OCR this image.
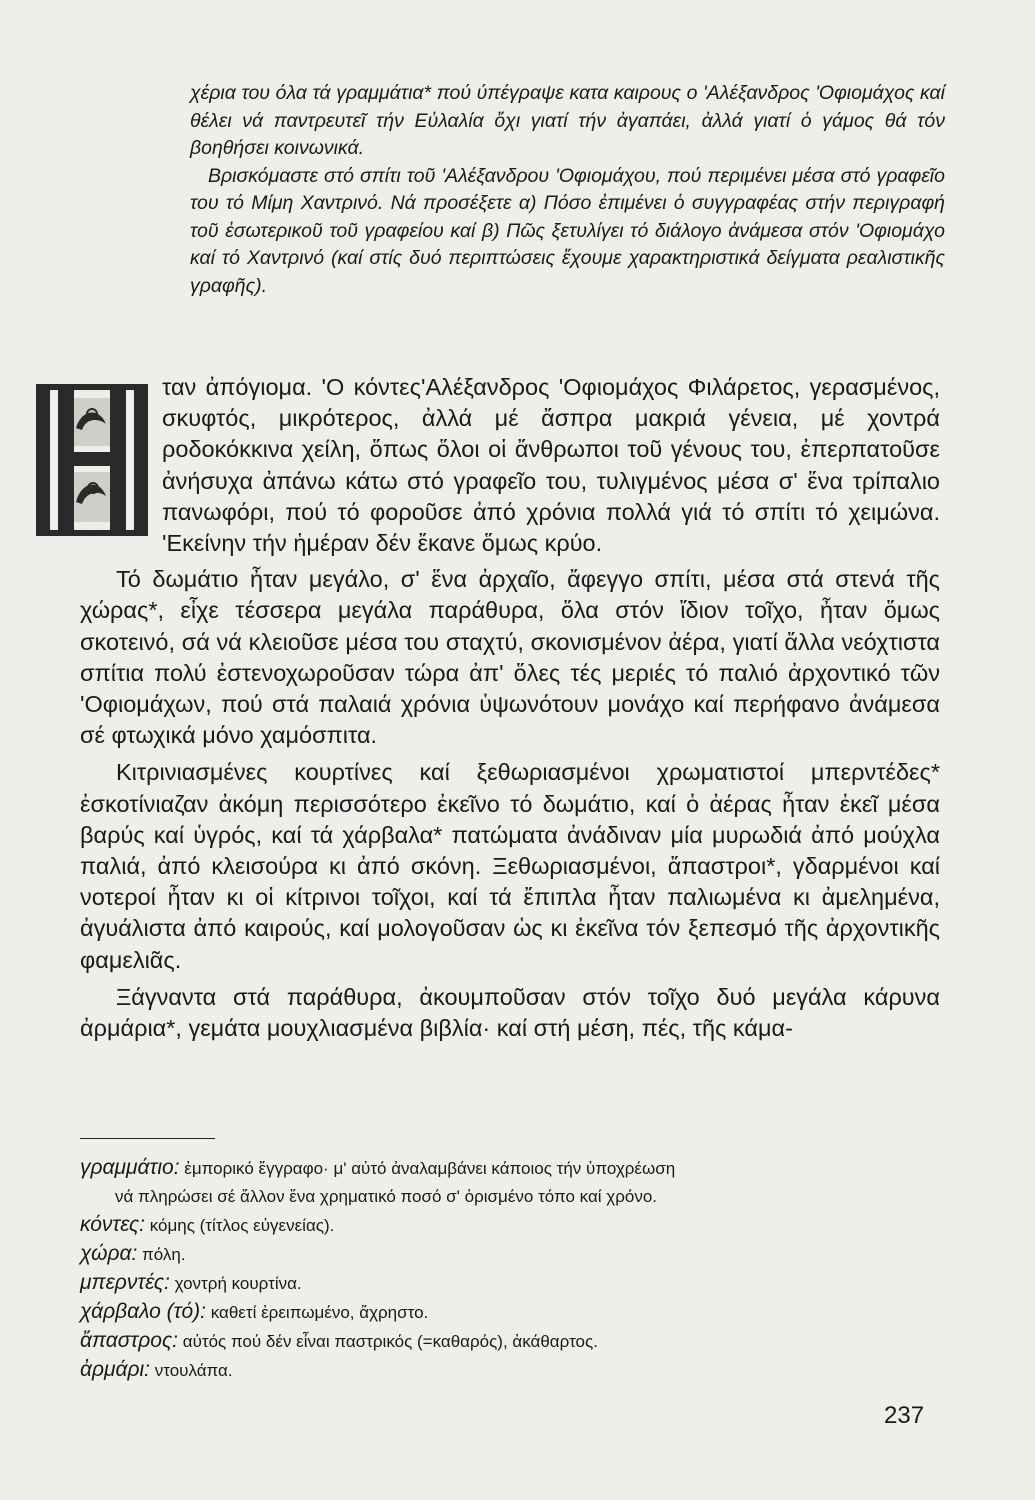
χέρια του όλα τά γραμμάτια* πού ύπέγραψε κατα καιρους ο 'Αλέξανδρος 'Οφιομάχος καί θέλει νά παντρευτεῖ τήν Εὐλαλία ὄχι γιατί τήν ἀγαπάει, ἀλλά γιατί ὁ γάμος θά τόν βοηθήσει κοινωνικά.

Βρισκόμαστε στό σπίτι τοῦ 'Αλέξανδρου 'Οφιομάχου, πού περιμένει μέσα στό γραφεῖο του τό Μίμη Χαντρινό. Νά προσέξετε α) Πόσο ἐπιμένει ὁ συγγραφέας στήν περιγραφή τοῦ ἐσωτερικοῦ τοῦ γραφείου καί β) Πῶς ξετυλίγει τό διάλογο ἀνάμεσα στόν 'Οφιομάχο καί τό Χαντρινό (καί στίς δυό περιπτώσεις ἔχουμε χαρακτηριστικά δείγματα ρεαλιστικῆς γραφῆς).

Η
ταν ἀπόγιομα. 'Ο κόντες'Αλέξανδρος 'Οφιομάχος Φιλάρετος, γερασμένος, σκυφτός, μικρότερος, ἀλλά μέ ἄσπρα μακριά γένεια, μέ χοντρά ροδοκόκκινα χείλη, ὅπως ὅλοι οἱ ἄνθρωποι τοῦ γένους του, ἐπερπατοῦσε ἀνήσυχα ἀπάνω κάτω στό γραφεῖο του, τυλιγμένος μέσα σ' ἕνα τρίπαλιο πανωφόρι, πού τό φοροῦσε ἀπό χρόνια πολλά γιά τό σπίτι τό χειμώνα. 'Εκείνην τήν ἡμέραν δέν ἔκανε ὅμως κρύο.

Τό δωμάτιο ἦταν μεγάλο, σ' ἕνα ἀρχαῖο, ἄφεγγο σπίτι, μέσα στά στενά τῆς χώρας*, εἶχε τέσσερα μεγάλα παράθυρα, ὅλα στόν ἴδιον τοῖχο, ἦταν ὅμως σκοτεινό, σά νά κλειοῦσε μέσα του σταχτύ, σκονισμένον ἀέρα, γιατί ἄλλα νεόχτιστα σπίτια πολύ ἐστενοχωροῦσαν τώρα ἀπ' ὅλες τές μεριές τό παλιό ἀρχοντικό τῶν 'Οφιομάχων, πού στά παλαιά χρόνια ὑψωνότουν μονάχο καί περήφανο ἀνάμεσα σέ φτωχικά μόνο χαμόσπιτα.

Κιτρινιασμένες κουρτίνες καί ξεθωριασμένοι χρωματιστοί μπερντέδες* ἐσκοτίνιαζαν ἀκόμη περισσότερο ἐκεῖνο τό δωμάτιο, καί ὁ ἀέρας ἦταν ἐκεῖ μέσα βαρύς καί ὑγρός, καί τά χάρβαλα* πατώματα ἀνάδιναν μία μυρωδιά ἀπό μούχλα παλιά, ἀπό κλεισούρα κι ἀπό σκόνη. Ξεθωριασμένοι, ἄπαστροι*, γδαρμένοι καί νοτεροί ἦταν κι οἱ κίτρινοι τοῖχοι, καί τά ἔπιπλα ἦταν παλιωμένα κι ἀμελημένα, ἀγυάλιστα ἀπό καιρούς, καί μολογοῦσαν ὡς κι ἐκεῖνα τόν ξεπεσμό τῆς ἀρχοντικῆς φαμελιᾶς.

Ξάγναντα στά παράθυρα, ἀκουμποῦσαν στόν τοῖχο δυό μεγάλα κάρυνα ἀρμάρια*, γεμάτα μουχλιασμένα βιβλία· καί στή μέση, πές, τῆς κάμα-

γραμμάτιο: ἐμπορικό ἔγγραφο· μ' αὐτό ἀναλαμβάνει κάποιος τήν ὑποχρέωση

νά πληρώσει σέ ἄλλον ἕνα χρηματικό ποσό σ' ὁρισμένο τόπο καί χρόνο.

κόντες: κόμης (τίτλος εὐγενείας).

χώρα: πόλη.

μπερντές: χοντρή κουρτίνα.

χάρβαλο (τό): καθετί ἐρειπωμένο, ἄχρηστο.

ἄπαστρος: αὐτός πού δέν εἶναι παστρικός (=καθαρός), ἀκάθαρτος.

ἀρμάρι: ντουλάπα.

237
